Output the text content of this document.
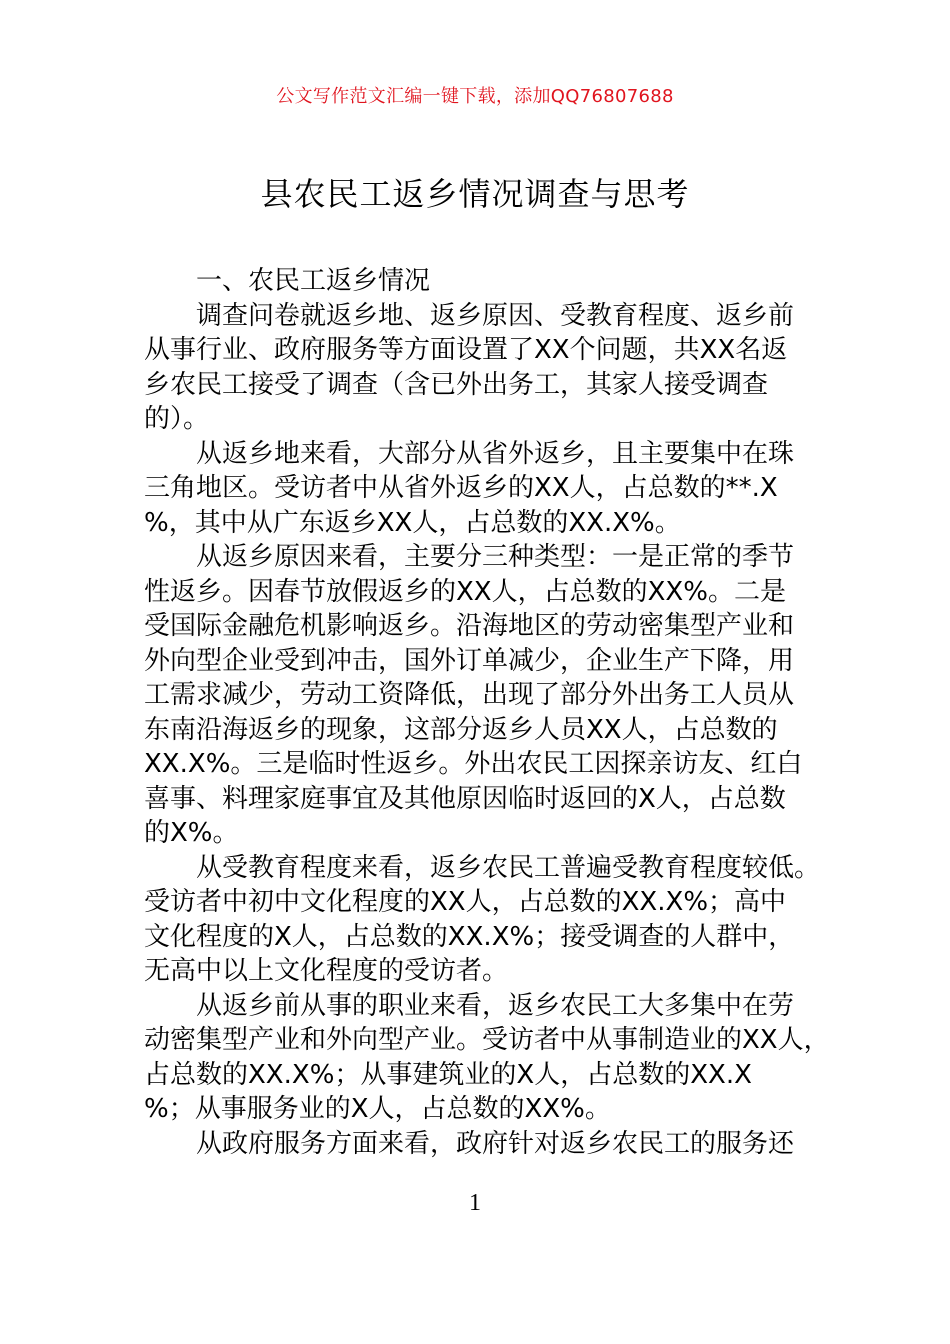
公文写作范文汇编一键下载，添加QQ76807688
县农民工返乡情况调查与思考
一、农民工返乡情况
调查问卷就返乡地、返乡原因、受教育程度、返乡前
从事行业、政府服务等方面设置了XX个问题，共XX名返
乡农民工接受了调查（含已外出务工，其家人接受调查
的）。
从返乡地来看，大部分从省外返乡，且主要集中在珠
三角地区。受访者中从省外返乡的XX人，占总数的**.X
%，其中从广东返乡XX人，占总数的XX.X%。
从返乡原因来看，主要分三种类型：一是正常的季节
性返乡。因春节放假返乡的XX人，占总数的XX%。二是
受国际金融危机影响返乡。沿海地区的劳动密集型产业和
外向型企业受到冲击，国外订单减少，企业生产下降，用
工需求减少，劳动工资降低，出现了部分外出务工人员从
东南沿海返乡的现象，这部分返乡人员XX人，占总数的
XX.X%。三是临时性返乡。外出农民工因探亲访友、红白
喜事、料理家庭事宜及其他原因临时返回的X人，占总数
的X%。
从受教育程度来看，返乡农民工普遍受教育程度较低。
受访者中初中文化程度的XX人，占总数的XX.X%；高中
文化程度的X人，占总数的XX.X%；接受调查的人群中，
无高中以上文化程度的受访者。
从返乡前从事的职业来看，返乡农民工大多集中在劳
动密集型产业和外向型产业。受访者中从事制造业的XX人，
占总数的XX.X%；从事建筑业的X人，占总数的XX.X
%；从事服务业的X人，占总数的XX%。
从政府服务方面来看，政府针对返乡农民工的服务还
1
